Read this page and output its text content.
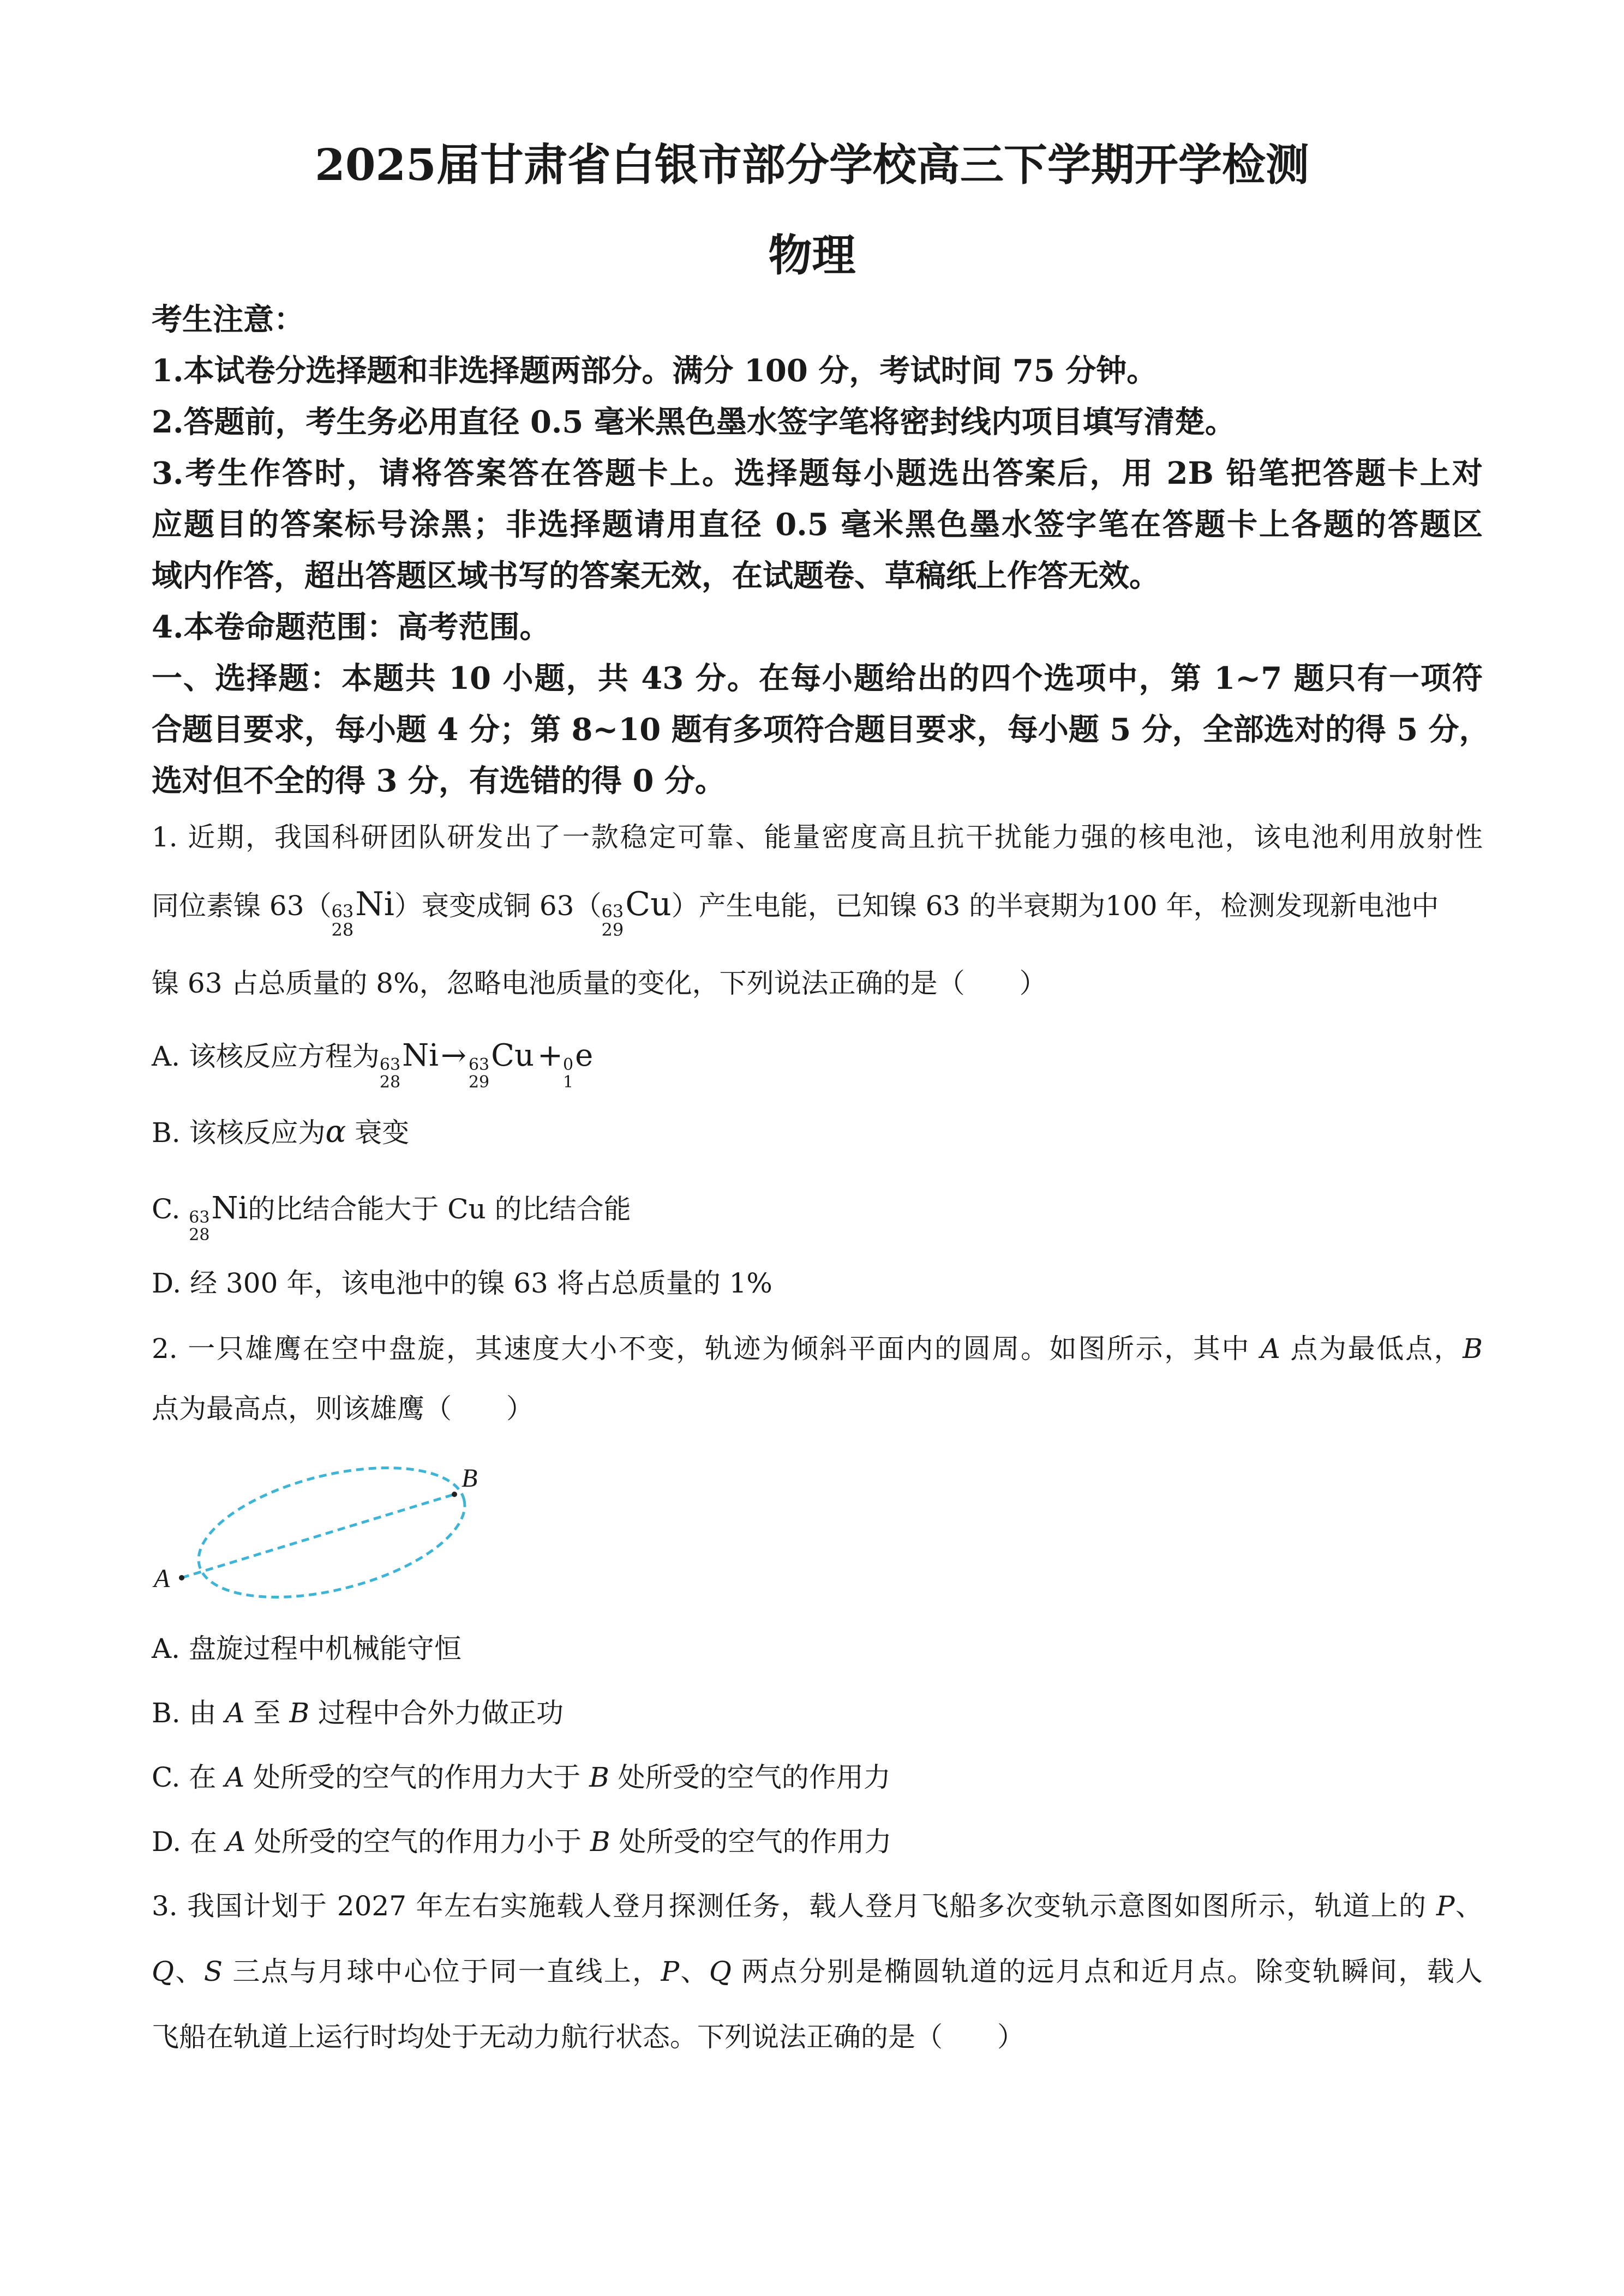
2025届甘肃省白银市部分学校高三下学期开学检测
物理
考生注意：
1.本试卷分选择题和非选择题两部分。满分 100 分，考试时间 75 分钟。
2.答题前，考生务必用直径 0.5 毫米黑色墨水签字笔将密封线内项目填写清楚。
3.考生作答时，请将答案答在答题卡上。选择题每小题选出答案后，用 2B 铅笔把答题卡上对
应题目的答案标号涂黑；非选择题请用直径 0.5 毫米黑色墨水签字笔在答题卡上各题的答题区
域内作答，超出答题区域书写的答案无效，在试题卷、草稿纸上作答无效。
4.本卷命题范围：高考范围。
一、选择题：本题共 10 小题，共 43 分。在每小题给出的四个选项中，第 1~7 题只有一项符
合题目要求，每小题 4 分；第 8~10 题有多项符合题目要求，每小题 5 分，全部选对的得 5 分，
选对但不全的得 3 分，有选错的得 0 分。
1. 近期，我国科研团队研发出了一款稳定可靠、能量密度高且抗干扰能力强的核电池，该电池利用放射性
同位素镍 63（ 63
28
Ni）衰变成铜 63（ 63
29
Cu）产生电能，已知镍 63 的半衰期为100 年，检测发现新电池中
镍 63 占总质量的 8%，忽略电池质量的变化，下列说法正确的是（　　）
A. 该核反应方程为 63
28
Ni→ 63
29
Cu + 0
1
e
B. 该核反应为α 衰变
C. 63
28
Ni的比结合能大于 Cu 的比结合能
D. 经 300 年，该电池中的镍 63 将占总质量的 1%
2. 一只雄鹰在空中盘旋，其速度大小不变，轨迹为倾斜平面内的圆周。如图所示，其中 A 点为最低点，B
点为最高点，则该雄鹰（　　）
A
B
A. 盘旋过程中机械能守恒
B. 由 A 至 B 过程中合外力做正功
C. 在 A 处所受的空气的作用力大于 B 处所受的空气的作用力
D. 在 A 处所受的空气的作用力小于 B 处所受的空气的作用力
3. 我国计划于 2027 年左右实施载人登月探测任务，载人登月飞船多次变轨示意图如图所示，轨道上的 P、
Q、S 三点与月球中心位于同一直线上，P、Q 两点分别是椭圆轨道的远月点和近月点。除变轨瞬间，载人
飞船在轨道上运行时均处于无动力航行状态。下列说法正确的是（　　）
